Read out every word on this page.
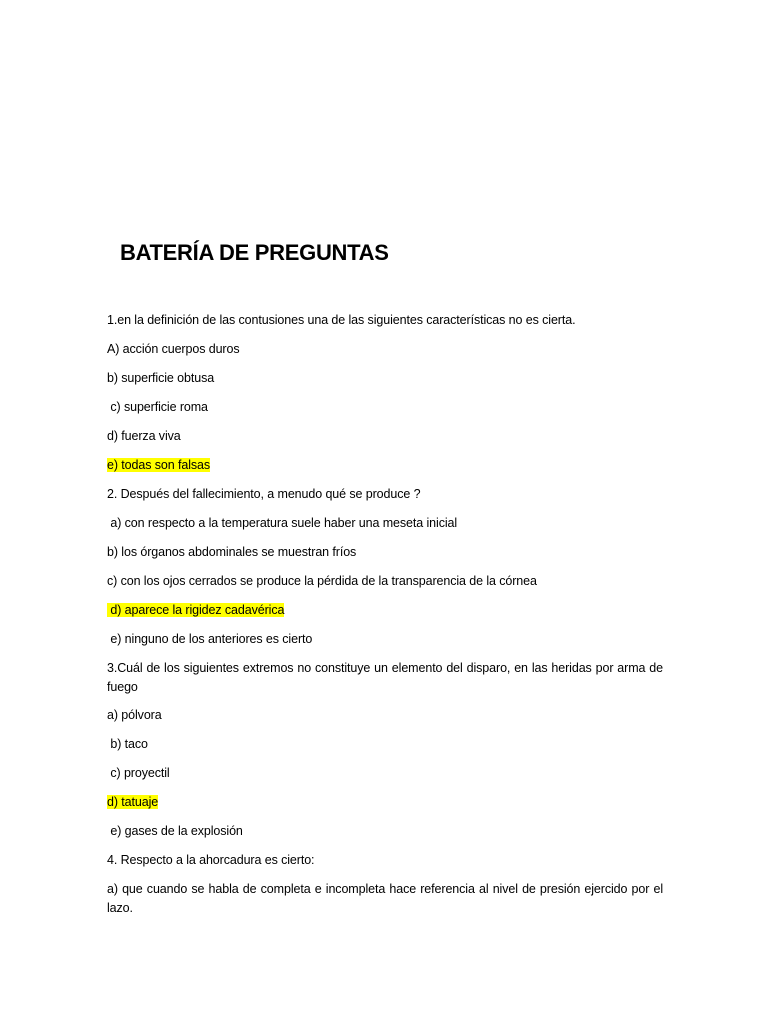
BATERÍA DE PREGUNTAS
1.en la definición de las contusiones una de las siguientes características no es cierta.
A) acción cuerpos duros
b) superficie obtusa
c) superficie roma
d) fuerza viva
e) todas son falsas
2. Después del fallecimiento, a menudo qué se produce ?
a) con respecto a la temperatura suele haber una meseta inicial
b) los órganos abdominales se muestran fríos
c) con los ojos cerrados se produce la pérdida de la transparencia de la córnea
d) aparece la rigidez cadavérica
e) ninguno de los anteriores es cierto
3.Cuál de los siguientes extremos no constituye un elemento del disparo, en las heridas por arma de fuego
a) pólvora
b) taco
c) proyectil
d) tatuaje
e) gases de la explosión
4. Respecto a la ahorcadura es cierto:
a) que cuando se habla de completa e incompleta hace referencia al nivel de presión ejercido por el lazo.
